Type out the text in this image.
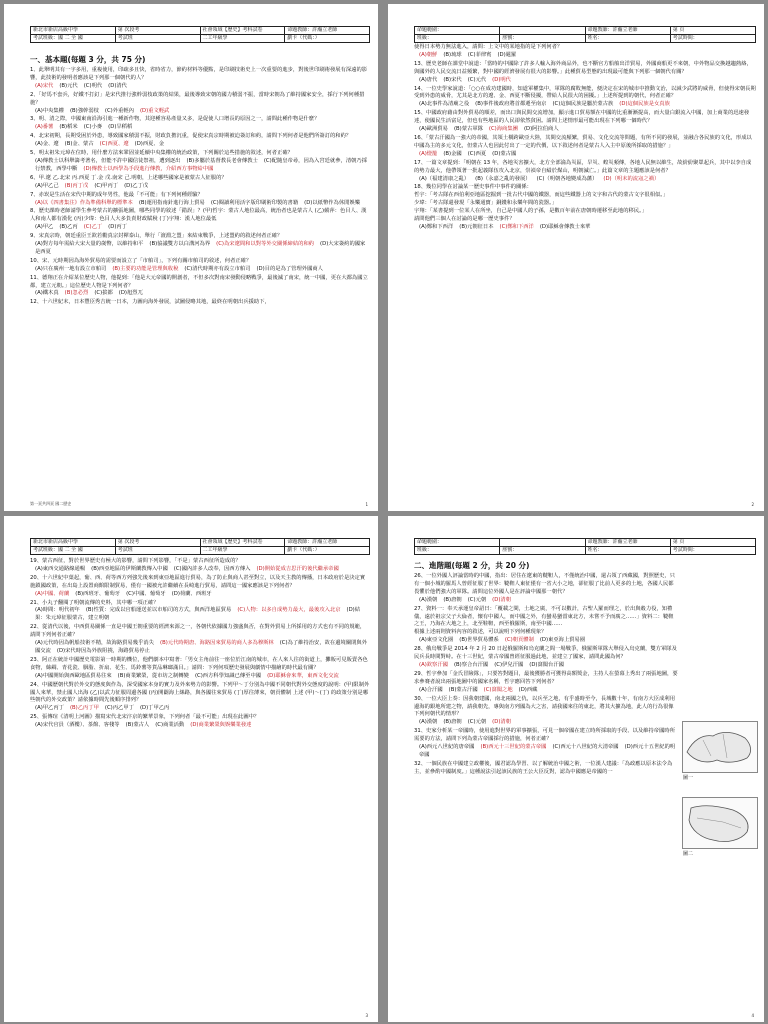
新北市新店高級中學	第 次段考	社會領域【歷史】考科試卷	命題教師：許瀚立老師
考試班級：國 二 全 國	考試班	二工年級學	劃卡（代碼：）
一、基本題(每題 3 分，共 75 分)
1、此舉明其有一字多用，重複使用，印疏多且快，省時省力，節約材料等優點，是印刷技術史上一次重要的進步，對後世印刷術發展有深遠的影響，此技術的發明者應該是下列那一個朝代的人？
(A)宋代 (B)元代 (C)明代 (D)清代
2、「好馬不套兵，好鐵不打釘」是宋代推行強幹弱枝政策的結果，最後導致宋朝的國力積弱不振，當時宋朝為了維持國家安全，採行下列何種措施？
(A)中央集權 (B)強幹弱枝 (C)外重輕內 (D)重文輕武
3、明、清之際，中國東南沿海引進一種新作物，其迎種容易產量又多，是促使人口增長的原因之一，請問此種作物是什麼？
(A)番薯 (B)稻米 (C)小麥 (D)旱稻稻
4、北宋初期，長期受困於外患，導致國家積弱不振，財政負擔沉重，促使宋真宗時期被迫簽訂和約，請問下列何者是他們所簽訂的和約？
(A)金、遼 (B)金、蒙古 (C)西夏、遼 (D)西夏、金
5、明太祖朱元璋在位時，用什麼方法來鞏固並延續中央集權的統治政策，下列關於這些措施的敘述，何者正確？
(A)傳教士以科舉籌考著名，但能不許中國信徒祭祖，遭到逐出 (B)多屬於基督教長老會傳教士 (C)配隨皇帝尋，因為入宮廷就參，清朝乃採行禁教，西學中斷 (D)傳教士以西學為手段進行傳教，介紹西方事物給中國
6、甲.遼 乙.北宋 丙.西夏 丁.金 戊.南宋 己.明朝，上述哪些國家是被蒙古人征服的？
(A)甲乙己 (B)丙丁戊 (C)甲丙丁 (D)乙丁戊
7、赤崁是生活在宋代中期的成年男性，他最「不可能」有下列何種經驗？
(A)以《四書集注》作為準備科舉的標準本 (B)運用指南針進行海上貿易 (C)閱讀利用活字版印刷術印製的書籍 (D)以紙幣作為休閒娛樂
8、歷史課時老師請學生參考蒙古的擴張地圖，哪些同學的敘述「錯誤」？(甲)哲宇：蒙古人地位最高，統治者也是蒙古人 (乙)蘋萍：色目人、漢人和南人都有漢化 (丙)少瑋：色目人大多負責財政賦稅 (丁)宇翔：漢人地位最低
(A)甲乙 (B)乙丙 (C)乙丁 (D)丙丁
9、宋真宗時，朝廷重臣王欽若勸真宗封禪泰山，舉行「澶淵之盟」來結束戰爭，上述盟約的敘述何者正確？
(A)對方每年需給大宋大量的歲幣，以維持和平 (B)協議雙方以白溝河為界 (C)為宋遼間和以對等外交關係締結的和約 (D)大宋簽約的國家是西夏
10、宋、元時期因為海外貿易的需要而設立了「市舶司」，下列有關市舶司的敘述，何者正確？
(A)只在廣州一地有設立市舶司 (B)主要的功能是管理與收稅 (C)清代時期亦有設立市舶司 (D)目的是為了管理外國商人
11、德翔正在介紹某位歷史人物，他提到：「他是大元帝國的開創者，不但多次對南宋發動侵略戰爭，最後滅了南宋，統一中國，更在大都為國立都，建立元朝。」這位歷史人物是下列何者？
(A)鐵木真 (B)忽必烈 (C)拔都 (D)旭烈兀
12、十六世紀末，日本豐臣秀吉統一日本，力圖向海外發展，試圖侵略其地，最終在明朝出兵援助下，
第一頁共四頁 國二歷史	1
命題範圍：	命題教師：許瀚立老師	第 頁
班級：	座號：	姓名：	考試時間：
使得日本勢力無法進入，請問：上文中的某地指的是下列何者？
(A)朝鮮 (B)琉球 (C)菲律賓 (D)暹羅
13、歷史老師在課堂中說道：「當時的中國除了許多人輸入海外商品外，也不斷官方船舶出洋貿易，外國商船更不來朝，中外物品交換越趨熱絡，與國外的人民交流日益頻繁，對中國的經濟發展有很大的影響。」此種貿易型態的出現最可能與下列那一個朝代有關？
(A)唐代 (B)宋代 (C)元代 (D)明代
14、一位史學家說道：「○○在成功建國時，知道軍權集中，軍隊的腐敗無能，便決定在宋的城市中推動文治，以減少武將的威脅，但使得宋朝長期受到外患的威脅，尤其是北方的遼、金、西夏不斷侵擾，帶給人民很大的困擾。」上述所提到的朝代，何者正確？
(A)北事件為清廟之役 (B)事件後政府將首都遷至南京 (C)這個民族是屬於蒙古族 (D)這個民族是女真族
15、中國政府藉由對外貿易的順差，而出口與民間交流增加，顯示進口貿易額在中國的比重漸漸提高，而大量白銀流入中國，加上商業的迅速發達，使國民生活富足，但也有些地區的人民卻依然貧困。請問上述情形最可能出現在下列哪一個時代？
(A)歐洲貿易 (B)蒙古軍隊 (C)海商集團 (D)阿拉伯商人
16、「蒙古汗國為一強大的帝國，其領土橫跨歐亞大陸，其間交流頻繁，貿易、文化交流等問題，有所不同的發展，並融合各民族的文化，形成以中國為主的多元文化，但蒙古人也因此付出了一定的代價，以下敘述何者是蒙古人入主中原後所採取的措施？」
(A)燈籠 (B)金國 (C)西夏 (D)蒙古國
17、一篇文章提到：「明朝在 13 年，各地災害擴大，北方全部淪為災區，旱災、蝗災頻傳，各地人民無以維生，故紛紛聚眾起兵，其中以李自成的勢力最大，他帶領著一批起義隊伍攻入北京，崇禎帝自縊於煤山，明朝滅亡。」此篇文章的主題應該是何者？
(A)（福建清康之亂） (B)（永嘉之亂的發展） (C)（明朝各地變成為藩） (D)（明末的流寇之禍）
18、幾位同學在討論某一歷史事件中事件的關係：
哲宇：「考古隊在西伯利亞地區挖掘到一批古代中國的鐵器，而這些鐵器上的文字和古代的蒙古文字很相似。」
少瑋：「考古隊還發現「永樂通寶」銅錢和永樂年間的瓷器。」
宇翔：「某書提到一位某人在所坐，自己是中國人的子孫，是數百年前在唐朝時遷移至此地的移民。」
請問他們三個人在討論的是哪一歷史事件？
(A)鄭和下西洋 (B)元朝征日本 (C)鄭和下西洋 (D)耶穌會傳教士來華
2
新北市新店高級中學	第 次段考	社會領域【歷史】考科試卷	命題教師：許瀚立老師
考試班級：國 二 全 國	考試班	二工年級學	劃卡（代碼：）
19、蒙古西征，對於世界歷史有極大的影響，請問下列影響，「不是」蒙古西征所造成的？
(A)東西交通路線通暢 (B)西亞地區的伊斯蘭教傳入中國 (C)國內許多人改奉，因西方傳入 (D)開始從成吉思汗的後代繼承帝國
20、十六世紀中葉起，葡、西、荷等西方列強先後來到東亞地區進行貿易，為了防止與商人甚至對立，以及天主教的傳播，日本政府於是決定實施鎖國政策，在出島上設置商館限制貿易，僅有一國被允許繼續在長崎進行貿易，請問這一國家應該是下列何者？
(A)中國、荷蘭 (B)西班牙、葡萄牙 (C)中國、葡萄牙 (D)荷蘭、西班牙
21、小丸子翻閱了明朝流傳的史料，其中哪一項正確？
(A)時間：明代初年 (B)性質：完成以官船運送並以市舶司的方式，與西洋地區貿易 (C)人物：以多自成勢力最大，最後攻入北京 (D)結果：朱元璋征服蒙古，建立明朝
22、從清代以後，中西貿易關係一直是中國王朝重要的經濟來源之一，各朝代依據國力強盛與否，在對外貿易上所採用的方式也有不同的規範，請問下列何者正確？
(A)元代時因為帆船技術不精，故海路貿易幾乎消失 (B)元代時期唐、海路因來貿易的商人多為穆斯林 (C)為了維持治安，故在邊境關閉與外國交流 (D)宋代時因為外族阻撓，海路貿易停止
23、阿正在統計中國歷史電影第一時期的機位，他們劇本中寫著：「男女主角前往一座位於江南的城市，在人來人往的街道上，攤販可見販賣各色食物，絲綢、青花瓷、胭脂、折扇、花生、馬鈴薯等貨品琳瑯滿目。」請問：下列何項歷史發展與劇情中描繪的時代最有關？
(A)中國開始與西歐地區貿易往來 (B)商業繁榮，從市坊之制轉變 (C)西方科學知識已傳至中國 (D)耶穌會來華，東西文化交流
24、中國歷朝代對於外交的態度與作為，深受國家本身的實力及外來勢力的影響。下列甲～丁分別為中國不同朝代對外交態度的說明：(甲)限制外國人來華，禁止國人出海 (乙)以武力征服周邊各國 (丙)開闢海上絲路，與各國往來貿易 (丁)厚往薄來，朝貢體制 上述 (甲)～(丁) 的政策分別是哪些朝代的外交政策？請依據時間先後順序排列？
(A)甲乙丙丁 (B)乙丙丁甲 (C)丙乙甲丁 (D)丁甲乙丙
25、張傳瑄《清明上河圖》描寫宋代北宋汴京的繁華景象，下列何者「最不可能」出現在此圖中？
(A)宋代官員（酒樓）、茶館、客棧等 (B)蒙古人 (C)商業活動 (D)商業繁榮與娛樂業發達
3
命題範圍：	命題教師：許瀚立老師	第 頁
班級：	座號：	姓名：	考試時間：
二、進階題(每題 2 分，共 20 分)
26、一位外國人評論當時的中國，指出：居住在遼東的韃靼人，不僅統治中國，還占領了西藏國，對照歷史，只有一個小城的羅馬人曾經征服了世界：韃靼人東征僅有一省大小之地，卻征服了比前人更多的土地，各國人民都畏懼於他們強大的軍隊。請問這位外國人是在評論中國那一朝代？
(A)漢朝 (B)唐朝 (C)元朝 (D)清朝
27、資料一：奉天承運皇帝詔曰：「覆載之間，土地之廣，不可以數計，古聖人羅而理之，於出與穀力役，知禮儀，遠於祖宗父子大倫者，懷有中國人，而中國之外，有蠻易蠻當東北方，未嘗不予而廣之……」資料二：韃靼之王，乃海在大地之上，北至鞋靼，西至俄羅斯，南至中國……
根據上述兩則資料內容的敘述，可以說明下列何種現象？
(A)東亞文化圈 (B)世界貿易體系 (C)朝貢體制 (D)東亞海上貿易圈
28、俄烏戰爭是 2014 年 2 月 20 日起俄羅斯和烏克蘭之間一場戰爭，俄羅斯軍隊大舉侵入烏克蘭，雙方軍隊及民兵長時間對峙。在十三世紀，蒙古帝國曾經征服過此地，並建立了國家，請問此國為何？
(A)欽察汗國 (B)察合台汗國 (C)伊兒汗國 (D)窩闊台汗國
29、哲宇參加「金氏冒險隊」，只要答對題目，最後獲勝者可獲得高額獎金，主持人在螢幕上秀出了兩張地圖，要求參賽者說出兩張地圖中的國家名稱，哲宇應回答下列何者？
(A)合汗國 (B)蒙古汗國 (C)窩闊之地 (D)西藏
30、一位大臣上奏：因我朝建國，南北兩國之仇，以兵至之地，有乎盛時至今，長城數十年，有南方大臣成利用邊海的銀地所建之物，請我朝先，專與南方列國為大之害，請我國來往的東北，將其大擴為地，此人的行為很像下列何朝代的情形？
(A)漢朝 (B)唐朝 (C)元朝 (D)清朝
31、史家分析某一帝國時，使用進對世界的軍事擴張，可見一個帝國在建立時所採取的手段、以及維持帝國時所需要的方法，請問下列為蒙古帝國採行的措施，何者正確？
(A)西元八世紀的唐帝國 (B)西元十三世紀的蒙古帝國 (C)西元十八世紀的大清帝國 (D)西元十五世紀的明帝國
32、一個民族在中國建立政權後，國君認為學習、以了解統治中國之術，一位漢人建議：「為政應以原本法令為主，並參酌中國制度。」這種說法引起該民族的王公大臣反對，認為中國應是帝國的一
圖一
圖二
4
